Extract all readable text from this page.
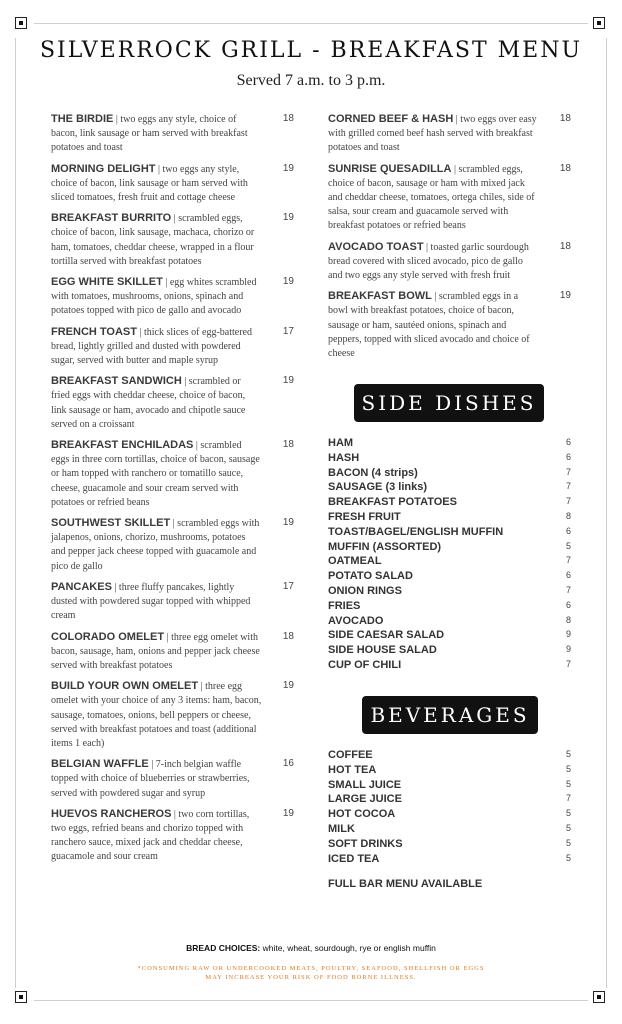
SILVERROCK GRILL - BREAKFAST MENU
Served 7 a.m. to 3 p.m.
THE BIRDIE | two eggs any style, choice of bacon, link sausage or ham served with breakfast potatoes and toast
18
MORNING DELIGHT | two eggs any style, choice of bacon, link sausage or ham served with sliced tomatoes, fresh fruit and cottage cheese
19
BREAKFAST BURRITO | scrambled eggs, choice of bacon, link sausage, machaca, chorizo or ham, tomatoes, cheddar cheese, wrapped in a flour tortilla served with breakfast potatoes
19
EGG WHITE SKILLET | egg whites scrambled with tomatoes, mushrooms, onions, spinach and potatoes topped with pico de gallo and avocado
19
FRENCH TOAST | thick slices of egg-battered bread, lightly grilled and dusted with powdered sugar, served with butter and maple syrup
17
BREAKFAST SANDWICH | scrambled or fried eggs with cheddar cheese, choice of bacon, link sausage or ham, avocado and chipotle sauce served on a croissant
19
BREAKFAST ENCHILADAS | scrambled eggs in three corn tortillas, choice of bacon, sausage or ham topped with ranchero or tomatillo sauce, cheese, guacamole and sour cream served with potatoes or refried beans
18
SOUTHWEST SKILLET | scrambled eggs with jalapenos, onions, chorizo, mushrooms, potatoes and pepper jack cheese topped with guacamole and pico de gallo
19
PANCAKES | three fluffy pancakes, lightly dusted with powdered sugar topped with whipped cream
17
COLORADO OMELET | three egg omelet with bacon, sausage, ham, onions and pepper jack cheese served with breakfast potatoes
18
BUILD YOUR OWN OMELET | three egg omelet with your choice of any 3 items: ham, bacon, sausage, tomatoes, onions, bell peppers or cheese, served with breakfast potatoes and toast (additional items 1 each)
19
BELGIAN WAFFLE | 7-inch belgian waffle topped with choice of blueberries or strawberries, served with powdered sugar and syrup
16
HUEVOS RANCHEROS | two corn tortillas, two eggs, refried beans and chorizo topped with ranchero sauce, mixed jack and cheddar cheese, guacamole and sour cream
19
CORNED BEEF & HASH | two eggs over easy with grilled corned beef hash served with breakfast potatoes and toast
18
SUNRISE QUESADILLA | scrambled eggs, choice of bacon, sausage or ham with mixed jack and cheddar cheese, tomatoes, ortega chiles, side of salsa, sour cream and guacamole served with breakfast potatoes or refried beans
18
AVOCADO TOAST | toasted garlic sourdough bread covered with sliced avocado, pico de gallo and two eggs any style served with fresh fruit
18
BREAKFAST BOWL | scrambled eggs in a bowl with breakfast potatoes, choice of bacon, sausage or ham, sautéed onions, spinach and peppers, topped with sliced avocado and choice of cheese
19
SIDE DISHES
HAM	6
HASH	6
BACON (4 strips)	7
SAUSAGE (3 links)	7
BREAKFAST POTATOES	7
FRESH FRUIT	8
TOAST/BAGEL/ENGLISH MUFFIN	6
MUFFIN (ASSORTED)	5
OATMEAL	7
POTATO SALAD	6
ONION RINGS	7
FRIES	6
AVOCADO	8
SIDE CAESAR SALAD	9
SIDE HOUSE SALAD	9
CUP OF CHILI	7
BEVERAGES
COFFEE	5
HOT TEA	5
SMALL JUICE	5
LARGE JUICE	7
HOT COCOA	5
MILK	5
SOFT DRINKS	5
ICED TEA	5
FULL BAR MENU AVAILABLE
BREAD CHOICES: white, wheat, sourdough, rye or english muffin
*CONSUMING RAW OR UNDERCOOKED MEATS, POULTRY, SEAFOOD, SHELLFISH OR EGGS
MAY INCREASE YOUR RISK OF FOOD BORNE ILLNESS.
